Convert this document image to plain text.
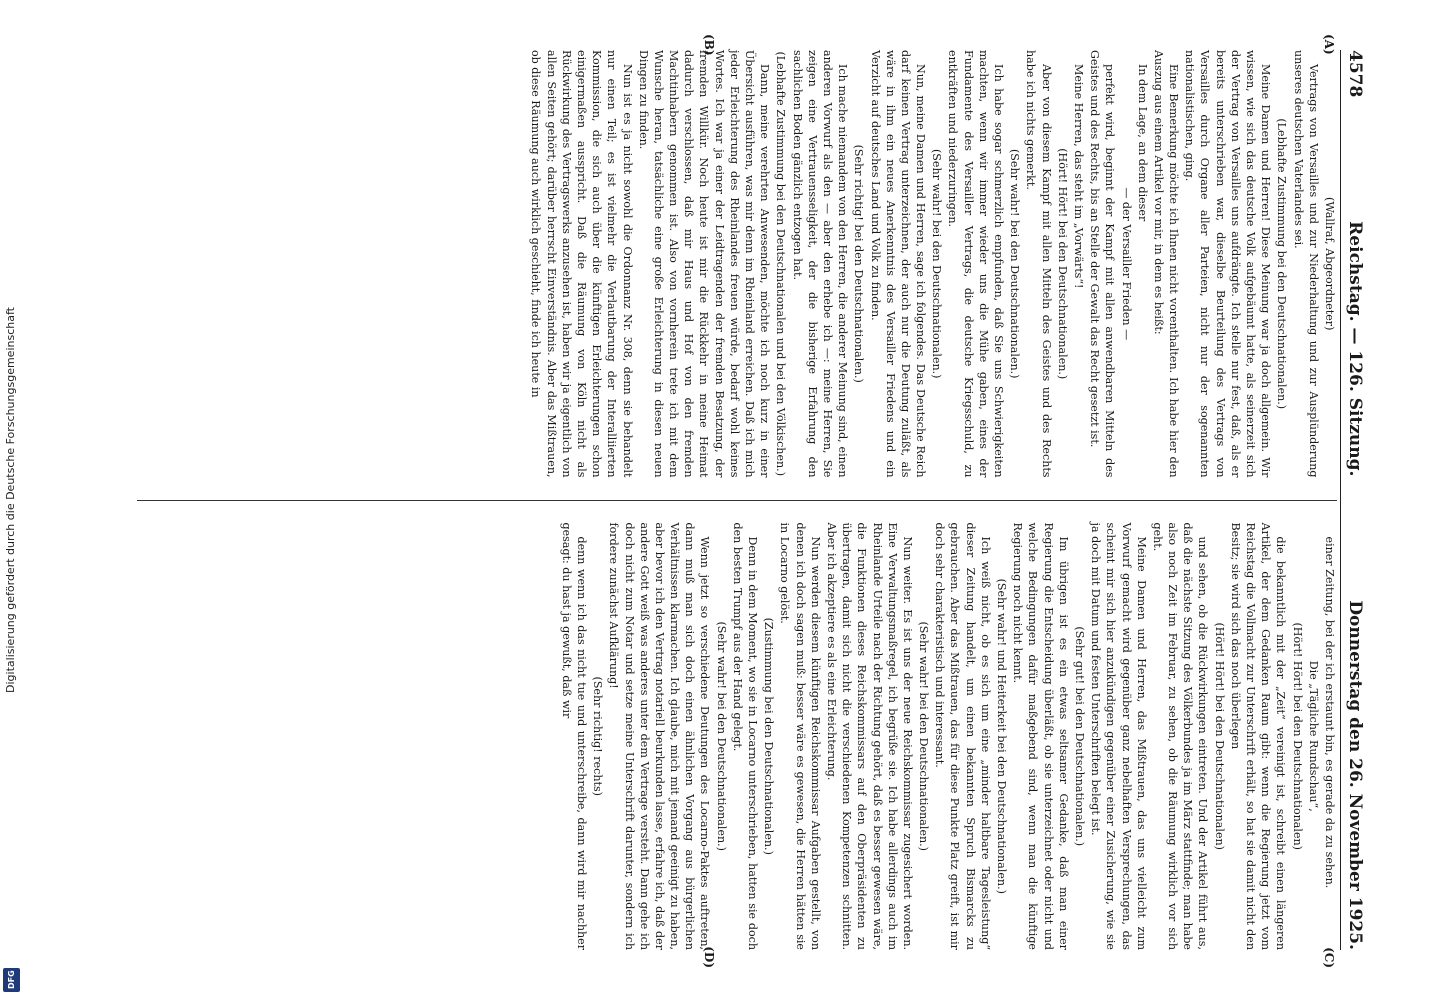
Digitalisierung gefördert durch die Deutsche Forschungsgemeinschaft
DFG
4578
Reichstag. — 126. Sitzung.
Donnerstag den 26. November 1925.
(A)
(B)

(Wallraf, Abgeordneter)

Vertrags von Versailles und zur Niederhaltung und zur Ausplünderung unseres deutschen Vaterlandes sei.

(Lebhafte Zustimmung bei den Deutschnationalen.)

Meine Damen und Herren! Diese Meinung war ja doch allgemein. Wir wissen, wie sich das deutsche Volk aufgebäumt hatte, als seinerzeit sich der Vertrag von Versailles uns aufdrängte. Ich stelle nur fest, daß, als er bereits unterschrieben war, dieselbe Beurteilung des Vertrags von Versailles durch Organe aller Parteien, nicht nur der sogenannten nationalistischen, ging.

Eine Bemerkung möchte ich Ihnen nicht vorenthalten. Ich habe hier den Auszug aus einem Artikel vor mir, in dem es heißt:

In dem Lage, an dem dieser

— der Versailler Frieden —

perfekt wird, beginnt der Kampf mit allen anwendbaren Mitteln des Geistes und des Rechts, bis an Stelle der Gewalt das Recht gesetzt ist.

Meine Herren, das steht im „Vorwärts“!

(Hört! Hört! bei den Deutschnationalen.)

Aber von diesem Kampf mit allen Mitteln des Geistes und des Rechts habe ich nichts gemerkt.

(Sehr wahr! bei den Deutschnationalen.)

Ich habe sogar schmerzlich empfunden, daß Sie uns Schwierigkeiten machten, wenn wir immer wieder uns die Mühe gaben, eines der Fundamente des Versailler Vertrags, die deutsche Kriegsschuld, zu entkräften und niederzuringen.

(Sehr wahr! bei den Deutschnationalen.)

Nun, meine Damen und Herren, sage ich folgendes. Das Deutsche Reich darf keinen Vertrag unterzeichnen, der auch nur die Deutung zuläßt, als wäre in ihm ein neues Anerkenntnis des Versailler Friedens und ein Verzicht auf deutsches Land und Volk zu finden.

(Sehr richtig! bei den Deutschnationalen.)

Ich mache niemandem von den Herren, die anderer Meinung sind, einen anderen Vorwurf als den — aber den erhebe ich —: meine Herren, Sie zeigen eine Vertrauensseligkeit, der die bisherige Erfahrung den sachlichen Boden gänzlich entzogen hat.

(Lebhafte Zustimmung bei den Deutschnationalen und bei den Völkischen.)

Dann, meine verehrten Anwesenden, möchte ich noch kurz in einer Übersicht ausführen, was mir denn im Rheinland erreichen. Daß ich mich jeder Erleichterung des Rheinlandes freuen würde, bedarf wohl keines Wortes. Ich war ja einer der Leidtragenden der fremden Besatzung, der fremden Willkür. Noch heute ist mir die Rückkehr in meine Heimat dadurch verschlossen, daß mir Haus und Hof von den fremden Machtinhabern genommen ist. Also von vornherein trete ich mit dem Wunsche heran, tatsächliche eine große Erleichterung in diesen neuen Dingen zu finden.

Nun ist es ja nicht sowohl die Ordonnanz Nr. 308, denn sie behandelt nur einen Teil; es ist vielmehr die Verlautbarung der Interalliierten Kommission, die sich auch über die künftigen Erleichterungen schon einigermaßen ausspricht. Daß die Räumung von Köln nicht als Rückwirkung des Vertragswerks anzusehen ist, haben wir ja eigentlich von allen Seiten gehört; darüber herrscht Einverständnis. Aber das Mißtrauen, ob diese Räumung auch wirklich geschieht, finde ich heute in

(C)
(D)

einer Zeitung, bei der ich erstaunt bin, es gerade da zu sehen.

Die „Tägliche Rundschau“,

(Hört! Hört! bei den Deutschnationalen)

die bekanntlich mit der „Zeit“ vereinigt ist, schreibt einen längeren Artikel, der dem Gedanken Raum gibt: wenn die Regierung jetzt vom Reichstag die Vollmacht zur Unterschrift erhält, so hat sie damit nicht den Besitz; sie wird sich das noch überlegen

(Hört! Hört! bei den Deutschnationalen)

und sehen, ob die Rückwirkungen eintreten. Und der Artikel führt aus, daß die nächste Sitzung des Völkerbundes ja im März stattfinde; man habe also noch Zeit im Februar, zu sehen, ob die Räumung wirklich vor sich geht.

Meine Damen und Herren, das Mißtrauen, das uns vielleicht zum Vorwurf gemacht wird gegenüber ganz nebelhaften Versprechungen, das scheint mir sich hier anzukündigen gegenüber einer Zusicherung, wie sie ja doch mit Datum und festen Unterschriften belegt ist.

(Sehr gut! bei den Deutschnationalen.)

Im übrigen ist es ein etwas seltsamer Gedanke, daß man einer Regierung die Entscheidung überläßt, ob sie unterzeichnet oder nicht und welche Bedingungen dafür maßgebend sind, wenn man die künftige Regierung noch nicht kennt.

(Sehr wahr! und Heiterkeit bei den Deutschnationalen.)

Ich weiß nicht, ob es sich um eine „minder haltbare Tagesleistung“ dieser Zeitung handelt, um einen bekannten Spruch Bismarcks zu gebrauchen. Aber das Mißtrauen, das für diese Punkte Platz greift, ist mir doch sehr charakteristisch und interessant.

(Sehr wahr! bei den Deutschnationalen.)

Nun weiter. Es ist uns der neue Reichskommissar zugesichert worden. Eine Verwaltungsmaßregel, ich begrüße sie. Ich habe allerdings auch im Rheinlande Urteile nach der Richtung gehört, daß es besser gewesen wäre, die Funktionen dieses Reichskommissars auf den Oberpräsidenten zu übertragen, damit sich nicht die verschiedenen Kompetenzen schnitten. Aber ich akzeptiere es als eine Erleichterung.

Nun werden diesem künftigen Reichskommissar Aufgaben gestellt, von denen ich doch sagen muß: besser wäre es gewesen, die Herren hätten sie in Locarno gelöst.

(Zustimmung bei den Deutschnationalen.)

Denn in dem Moment, wo sie in Locarno unterschrieben, hatten sie doch den besten Trumpf aus der Hand gelegt.

(Sehr wahr! bei den Deutschnationalen.)

Wenn jetzt so verschiedene Deutungen des Locarno-Paktes auftreten, dann muß man sich doch einen ähnlichen Vorgang aus bürgerlichen Verhältnissen klarmachen. Ich glaube, mich mit jemand geeinigt zu haben, aber bevor ich den Vertrag notariell beurkunden lasse, erfahre ich, daß der andere Gott weiß was anderes unter dem Vertrage versteht. Dann gehe ich doch nicht zum Notar und setze meine Unterschrift darunter, sondern ich fordere zunächst Aufklärung!

(Sehr richtig! rechts)

denn wenn ich das nicht tue und unterschreibe, dann wird mir nachher gesagt: du hast ja gewußt, daß wir
